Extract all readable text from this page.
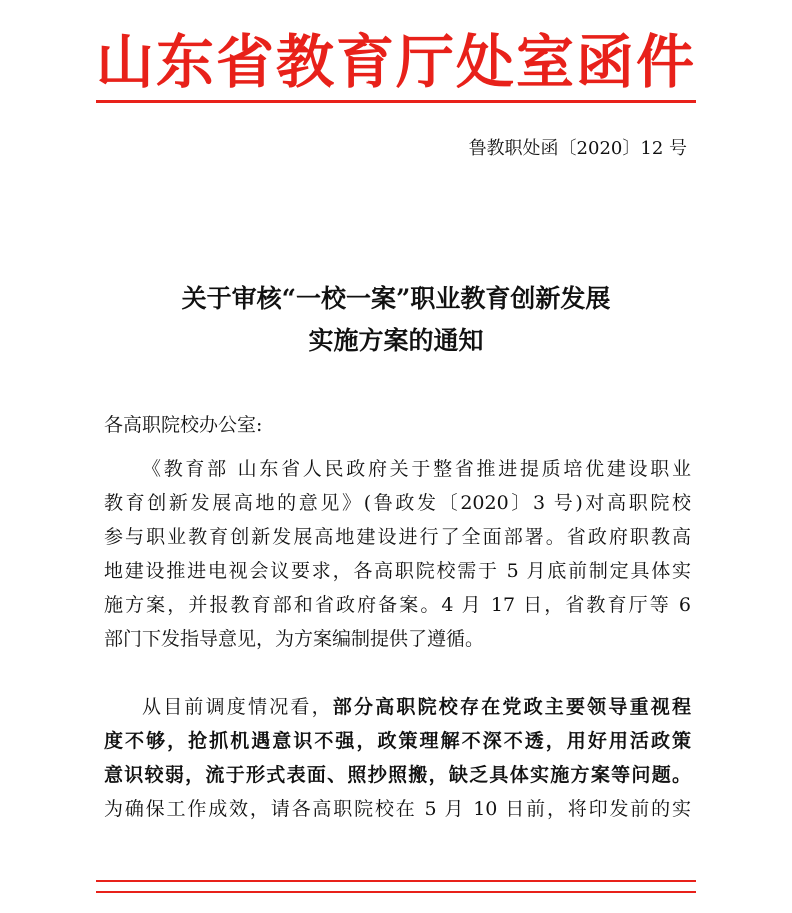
山东省教育厅处室函件
鲁教职处函〔2020〕12 号
关于审核“一校一案”职业教育创新发展
实施方案的通知
各高职院校办公室:
《教育部 山东省人民政府关于整省推进提质培优建设职业
教育创新发展高地的意见》(鲁政发〔2020〕3 号)对高职院校
参与职业教育创新发展高地建设进行了全面部署。省政府职教高
地建设推进电视会议要求，各高职院校需于 5 月底前制定具体实
施方案，并报教育部和省政府备案。4 月 17 日，省教育厅等 6
部门下发指导意见，为方案编制提供了遵循。
从目前调度情况看，部分高职院校存在党政主要领导重视程
度不够，抢抓机遇意识不强，政策理解不深不透，用好用活政策
意识较弱，流于形式表面、照抄照搬，缺乏具体实施方案等问题。
为确保工作成效，请各高职院校在 5 月 10 日前，将印发前的实
